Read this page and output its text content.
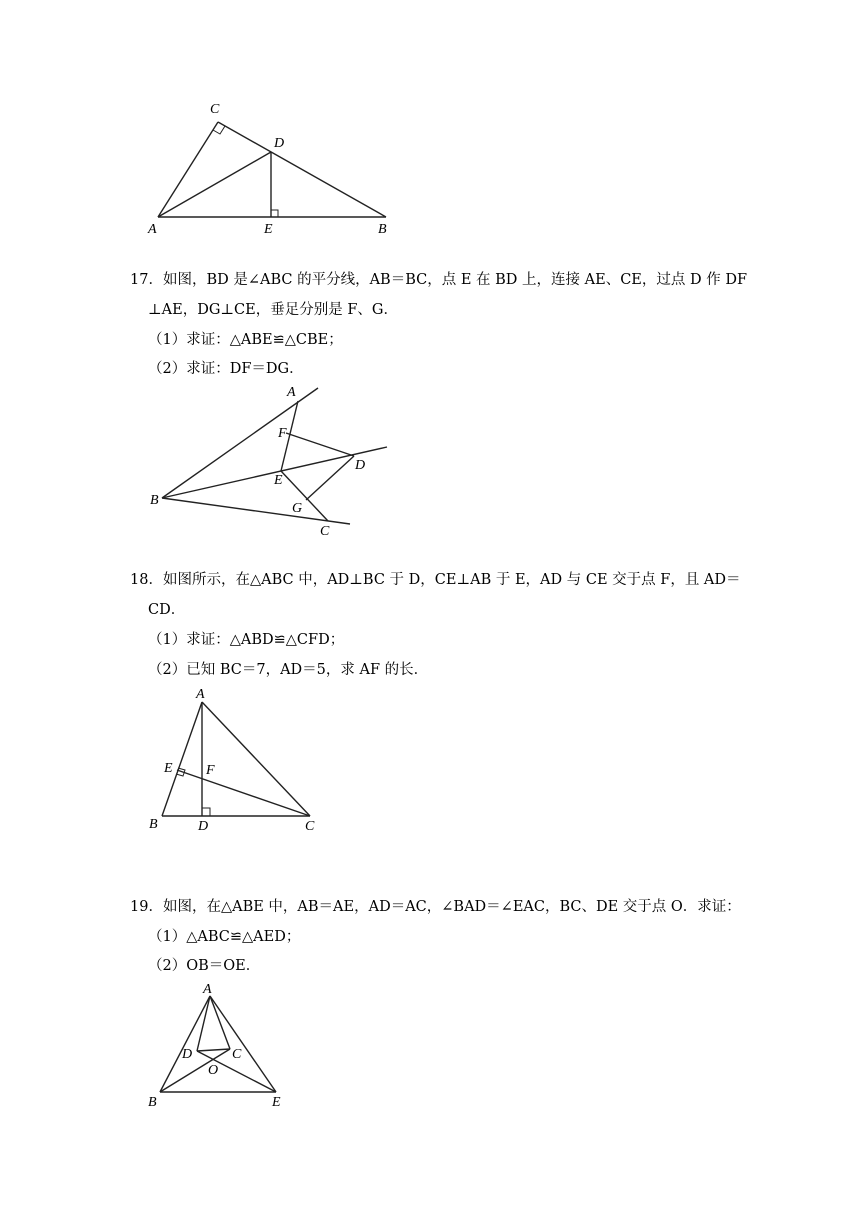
C
D
A	E	B
17．如图，BD 是∠ABC 的平分线，AB＝BC，点 E 在 BD 上，连接 AE、CE，过点 D 作 DF
⊥AE，DG⊥CE，垂足分别是 F、G．
（1）求证：△ABE≌△CBE；
（2）求证：DF＝DG．
A
F
D
E
B
G
C
18．如图所示，在△ABC 中，AD⊥BC 于 D，CE⊥AB 于 E，AD 与 CE 交于点 F，且 AD＝
CD．
（1）求证：△ABD≌△CFD；
（2）已知 BC＝7，AD＝5，求 AF 的长．
A
E F
B	D	C
19．如图，在△ABE 中，AB＝AE，AD＝AC，∠BAD＝∠EAC，BC、DE 交于点 O．求证：
（1）△ABC≌△AED；
（2）OB＝OE．
A
D	C
O
B	E
